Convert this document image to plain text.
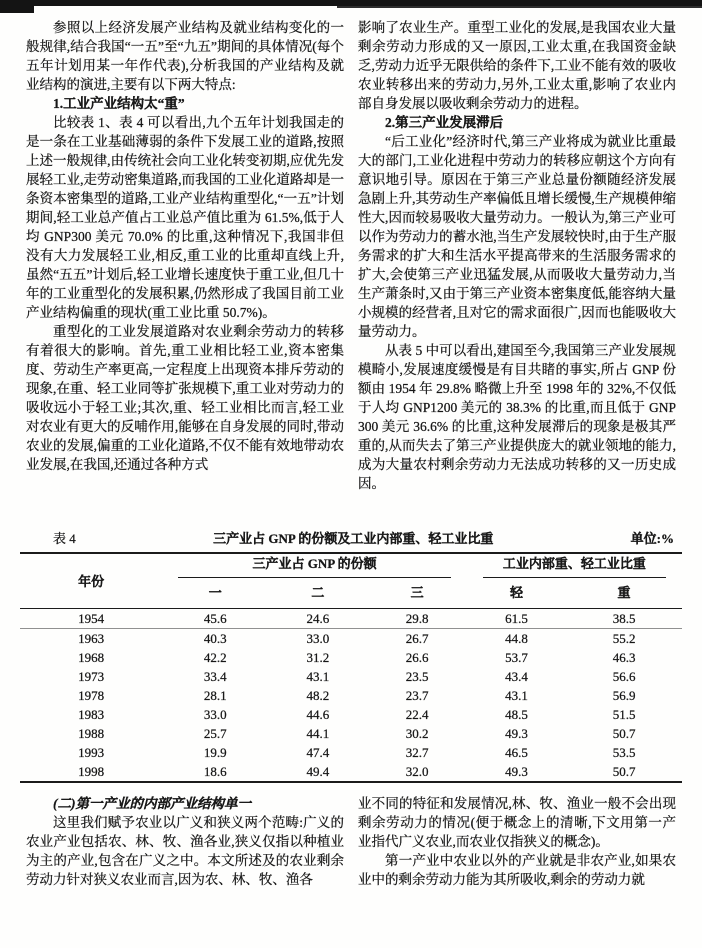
参照以上经济发展产业结构及就业结构变化的一般规律,结合我国“一五”至“九五”期间的具体情况(每个五年计划用某一年作代表),分析我国的产业结构及就业结构的演进,主要有以下两大特点:

1.工业产业结构太“重”

比较表 1、表 4 可以看出,九个五年计划我国走的是一条在工业基础薄弱的条件下发展工业的道路,按照上述一般规律,由传统社会向工业化转变初期,应优先发展轻工业,走劳动密集道路,而我国的工业化道路却是一条资本密集型的道路,工业产业结构重型化,“一五”计划期间,轻工业总产值占工业总产值比重为 61.5%,低于人均 GNP300 美元 70.0% 的比重,这种情况下,我国非但没有大力发展轻工业,相反,重工业的比重却直线上升,虽然“五五”计划后,轻工业增长速度快于重工业,但几十年的工业重型化的发展积累,仍然形成了我国目前工业产业结构偏重的现状(重工业比重 50.7%)。

重型化的工业发展道路对农业剩余劳动力的转移有着很大的影响。首先,重工业相比轻工业,资本密集度、劳动生产率更高,一定程度上出现资本排斥劳动的现象,在重、轻工业同等扩张规模下,重工业对劳动力的吸收远小于轻工业;其次,重、轻工业相比而言,轻工业对农业有更大的反哺作用,能够在自身发展的同时,带动农业的发展,偏重的工业化道路,不仅不能有效地带动农业发展,在我国,还通过各种方式

影响了农业生产。重型工业化的发展,是我国农业大量剩余劳动力形成的又一原因,工业太重,在我国资金缺乏,劳动力近乎无限供给的条件下,工业不能有效的吸收农业转移出来的劳动力,另外,工业太重,影响了农业内部自身发展以吸收剩余劳动力的进程。

2.第三产业发展滞后

“后工业化”经济时代,第三产业将成为就业比重最大的部门,工业化进程中劳动力的转移应朝这个方向有意识地引导。原因在于第三产业总量份额随经济发展急剧上升,其劳动生产率偏低且增长缓慢,生产规模伸缩性大,因而较易吸收大量劳动力。一般认为,第三产业可以作为劳动力的蓄水池,当生产发展较快时,由于生产服务需求的扩大和生活水平提高带来的生活服务需求的扩大,会使第三产业迅猛发展,从而吸收大量劳动力,当生产萧条时,又由于第三产业资本密集度低,能容纳大量小规模的经营者,且对它的需求面很广,因而也能吸收大量劳动力。

从表 5 中可以看出,建国至今,我国第三产业发展规模畸小,发展速度缓慢是有目共睹的事实,所占 GNP 份额由 1954 年 29.8% 略微上升至 1998 年的 32%,不仅低于人均 GNP1200 美元的 38.3% 的比重,而且低于 GNP300 美元 36.6% 的比重,这种发展滞后的现象是极其严重的,从而失去了第三产业提供庞大的就业领地的能力,成为大量农村剩余劳动力无法成功转移的又一历史成因。

表 4	三产业占 GNP 的份额及工业内部重、轻工业比重	单位:%
年份	三产业占 GNP 的份额			工业内部重、轻工业比重	

	一	二	三	轻	重
1954	45.6	24.6	29.8	61.5	38.5
1963	40.3	33.0	26.7	44.8	55.2
1968	42.2	31.2	26.6	53.7	46.3
1973	33.4	43.1	23.5	43.4	56.6
1978	28.1	48.2	23.7	43.1	56.9
1983	33.0	44.6	22.4	48.5	51.5
1988	25.7	44.1	30.2	49.3	50.7
1993	19.9	47.4	32.7	46.5	53.5
1998	18.6	49.4	32.0	49.3	50.7

(二)第一产业的内部产业结构单一

这里我们赋予农业以广义和狭义两个范畴:广义的农业产业包括农、林、牧、渔各业,狭义仅指以种植业为主的产业,包含在广义之中。本文所述及的农业剩余劳动力针对狭义农业而言,因为农、林、牧、渔各

业不同的特征和发展情况,林、牧、渔业一般不会出现剩余劳动力的情况(便于概念上的清晰,下文用第一产业指代广义农业,而农业仅指狭义的概念)。

第一产业中农业以外的产业就是非农产业,如果农业中的剩余劳动力能为其所吸收,剩余的劳动力就
